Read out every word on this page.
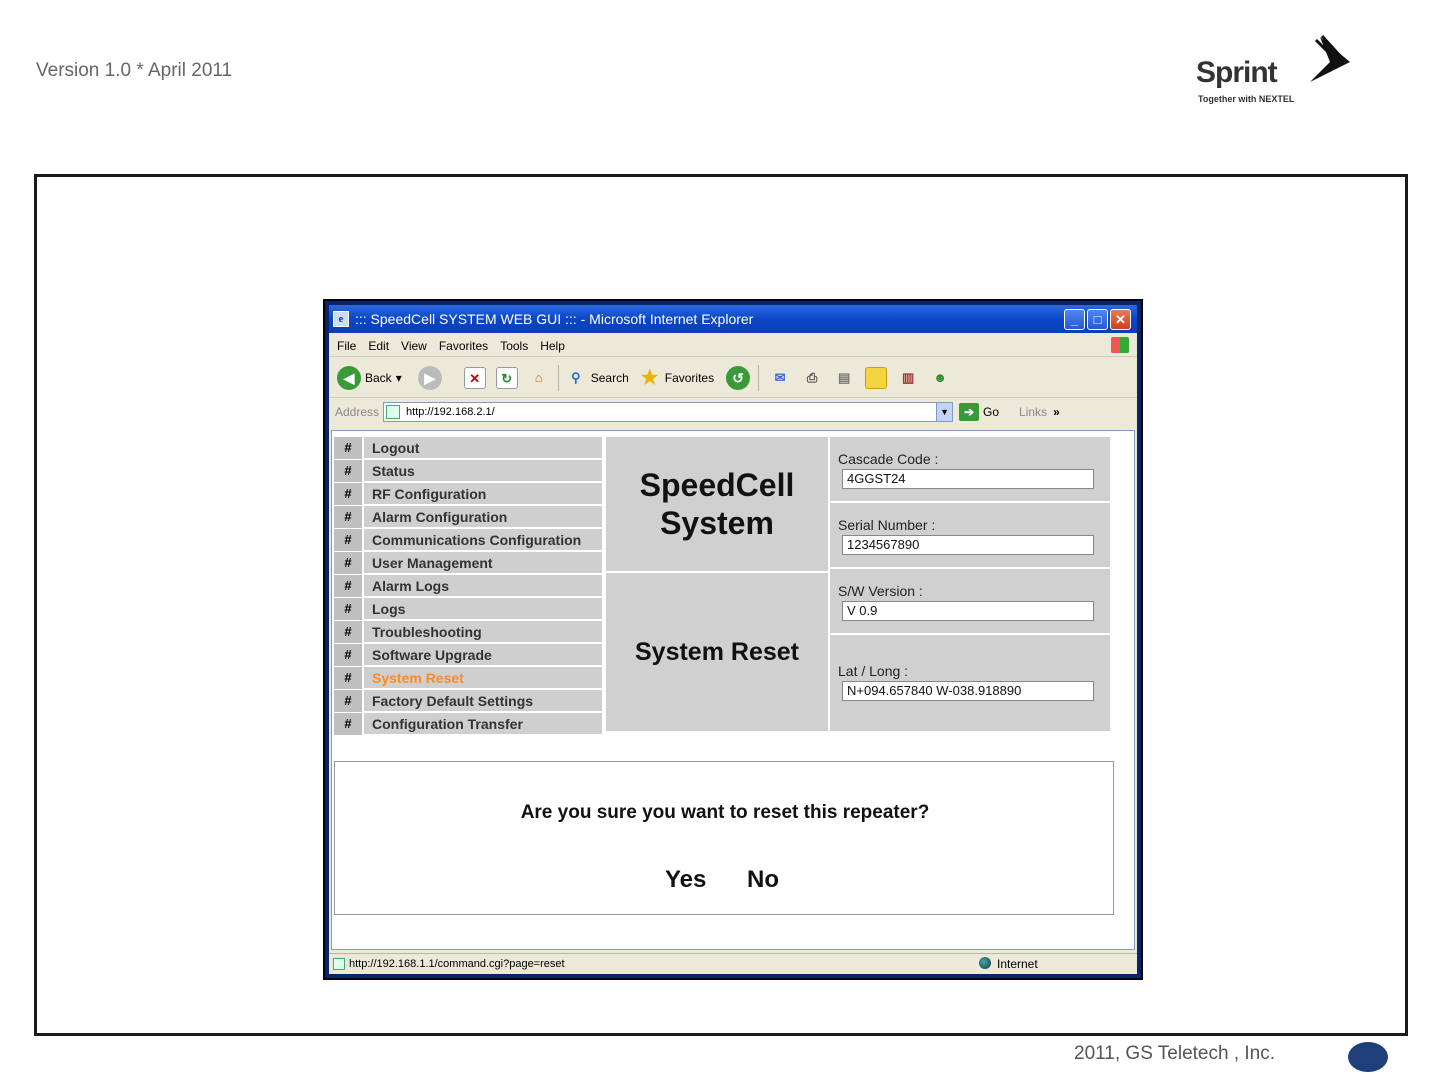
Version 1.0 * April 2011	Sprint
Together with NEXTEL
e ::: SpeedCell SYSTEM WEB GUI ::: - Microsoft Internet Explorer	_	□	✕
File Edit View Favorites Tools Help
◀ Back ▾	▶	✕	↻	⌂	⚲ Search ★ Favorites	↺	✉	⎙	▤	▥	☻
Address http://192.168.2.1/	▼	➔ Go Links »
#	Logout
#	Status
#	RF Configuration
#	Alarm Configuration
#	Communications Configuration
#	User Management
#	Alarm Logs
#	Logs
#	Troubleshooting
#	Software Upgrade
#	System Reset
#	Factory Default Settings
#	Configuration Transfer
SpeedCell
System
System Reset
Cascade Code :
4GGST24
Serial Number :
1234567890
S/W Version :
V 0.9
Lat / Long :
N+094.657840 W-038.918890
Are you sure you want to reset this repeater?
Yes No
http://192.168.1.1/command.cgi?page=reset	Internet
2011, GS Teletech , Inc.
